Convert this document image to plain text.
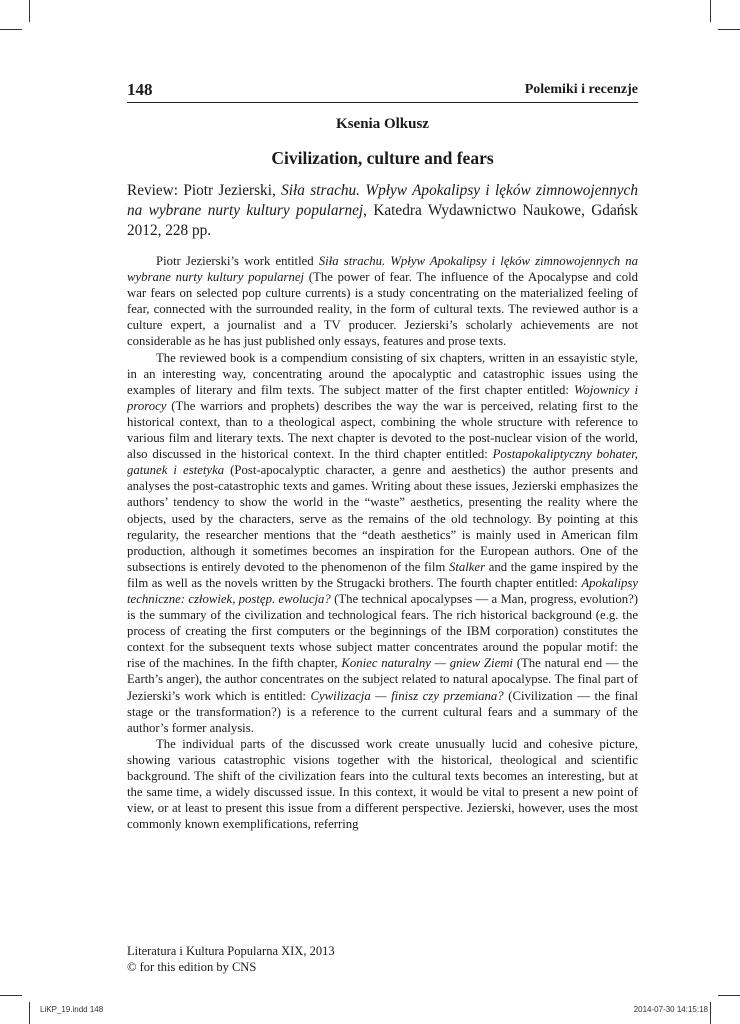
148	Polemiki i recenzje
Ksenia Olkusz
Civilization, culture and fears

Review: Piotr Jezierski, Siła strachu. Wpływ Apokalipsy i lęków zimnowojennych na wybrane nurty kultury popularnej, Katedra Wydawnictwo Naukowe, Gdańsk 2012, 228 pp.

Piotr Jezierski’s work entitled Siła strachu. Wpływ Apokalipsy i lęków zimnowojennych na wybrane nurty kultury popularnej (The power of fear. The influence of the Apocalypse and cold war fears on selected pop culture currents) is a study concentrating on the materialized feeling of fear, connected with the surrounded reality, in the form of cultural texts. The reviewed author is a culture expert, a journalist and a TV producer. Jezierski’s scholarly achievements are not considerable as he has just published only essays, features and prose texts.

The reviewed book is a compendium consisting of six chapters, written in an essayistic style, in an interesting way, concentrating around the apocalyptic and catastrophic issues using the examples of literary and film texts. The subject matter of the first chapter entitled: Wojownicy i prorocy (The warriors and prophets) describes the way the war is perceived, relating first to the historical context, than to a theological aspect, combining the whole structure with reference to various film and literary texts. The next chapter is devoted to the post-nuclear vision of the world, also discussed in the historical context. In the third chapter entitled: Postapokaliptyczny bohater, gatunek i estetyka (Post-apocalyptic character, a genre and aesthetics) the author presents and analyses the post-catastrophic texts and games. Writing about these issues, Jezierski emphasizes the authors’ tendency to show the world in the “waste” aesthetics, presenting the reality where the objects, used by the characters, serve as the remains of the old technology. By pointing at this regularity, the researcher mentions that the “death aesthetics” is mainly used in American film production, although it sometimes becomes an inspiration for the European authors. One of the subsections is entirely devoted to the phenomenon of the film Stalker and the game inspired by the film as well as the novels written by the Strugacki brothers. The fourth chapter entitled: Apokalipsy techniczne: człowiek, postęp. ewolucja? (The technical apocalypses — a Man, progress, evolution?) is the summary of the civilization and technological fears. The rich historical background (e.g. the process of creating the first computers or the beginnings of the IBM corporation) constitutes the context for the subsequent texts whose subject matter concentrates around the popular motif: the rise of the machines. In the fifth chapter, Koniec naturalny — gniew Ziemi (The natural end — the Earth’s anger), the author concentrates on the subject related to natural apocalypse. The final part of Jezierski’s work which is entitled: Cywilizacja — finisz czy przemiana? (Civilization — the final stage or the transformation?) is a reference to the current cultural fears and a summary of the author’s former analysis.

The individual parts of the discussed work create unusually lucid and cohesive picture, showing various catastrophic visions together with the historical, theological and scientific background. The shift of the civilization fears into the cultural texts becomes an interesting, but at the same time, a widely discussed issue. In this context, it would be vital to present a new point of view, or at least to present this issue from a different perspective. Jezierski, however, uses the most commonly known exemplifications, referring

Literatura i Kultura Popularna XIX, 2013
© for this edition by CNS
LiKP_19.indd 148	2014-07-30 14:15:18
